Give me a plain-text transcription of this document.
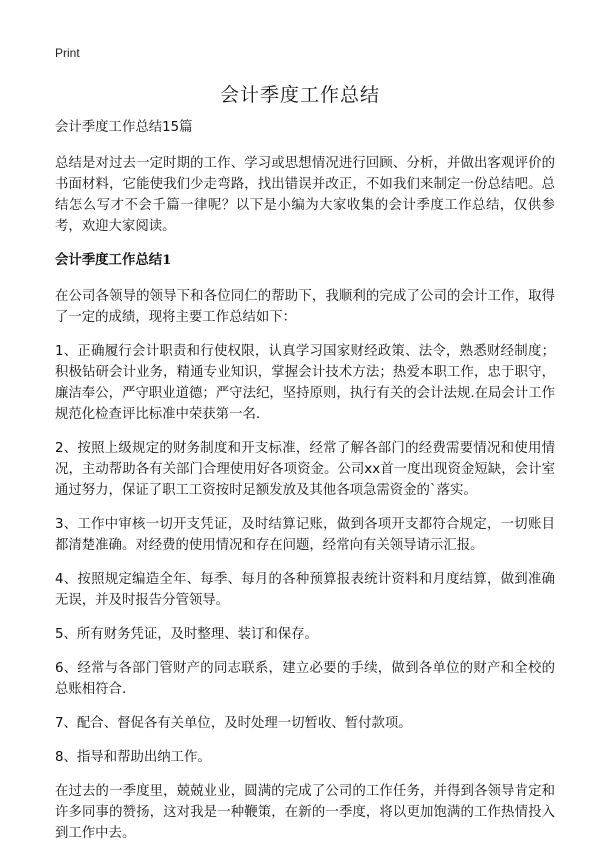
Print
会计季度工作总结

会计季度工作总结15篇

总结是对过去一定时期的工作、学习或思想情况进行回顾、分析，并做出客观评价的书面材料，它能使我们少走弯路，找出错误并改正，不如我们来制定一份总结吧。总结怎么写才不会千篇一律呢？以下是小编为大家收集的会计季度工作总结，仅供参考，欢迎大家阅读。

会计季度工作总结1

在公司各领导的领导下和各位同仁的帮助下，我顺利的完成了公司的会计工作，取得了一定的成绩，现将主要工作总结如下：

1、正确履行会计职责和行使权限，认真学习国家财经政策、法令，熟悉财经制度；积极钻研会计业务，精通专业知识，掌握会计技术方法；热爱本职工作，忠于职守，廉洁奉公，严守职业道德；严守法纪，坚持原则，执行有关的会计法规.在局会计工作规范化检查评比标准中荣获第一名.

2、按照上级规定的财务制度和开支标准，经常了解各部门的经费需要情况和使用情况，主动帮助各有关部门合理使用好各项资金。公司xx首一度出现资金短缺，会计室通过努力，保证了职工工资按时足额发放及其他各项急需资金的`落实。

3、工作中审核一切开支凭证，及时结算记账，做到各项开支都符合规定，一切账目都清楚准确。对经费的使用情况和存在问题，经常向有关领导请示汇报。

4、按照规定编造全年、每季、每月的各种预算报表统计资料和月度结算，做到准确无误，并及时报告分管领导。

5、所有财务凭证，及时整理、装订和保存。

6、经常与各部门管财产的同志联系，建立必要的手续，做到各单位的财产和全校的总账相符合.

7、配合、督促各有关单位，及时处理一切暂收、暂付款项。

8、指导和帮助出纳工作。

在过去的一季度里，兢兢业业，圆满的完成了公司的工作任务，并得到各领导肯定和许多同事的赞扬，这对我是一种鞭策，在新的一季度，将以更加饱满的工作热情投入到工作中去。
